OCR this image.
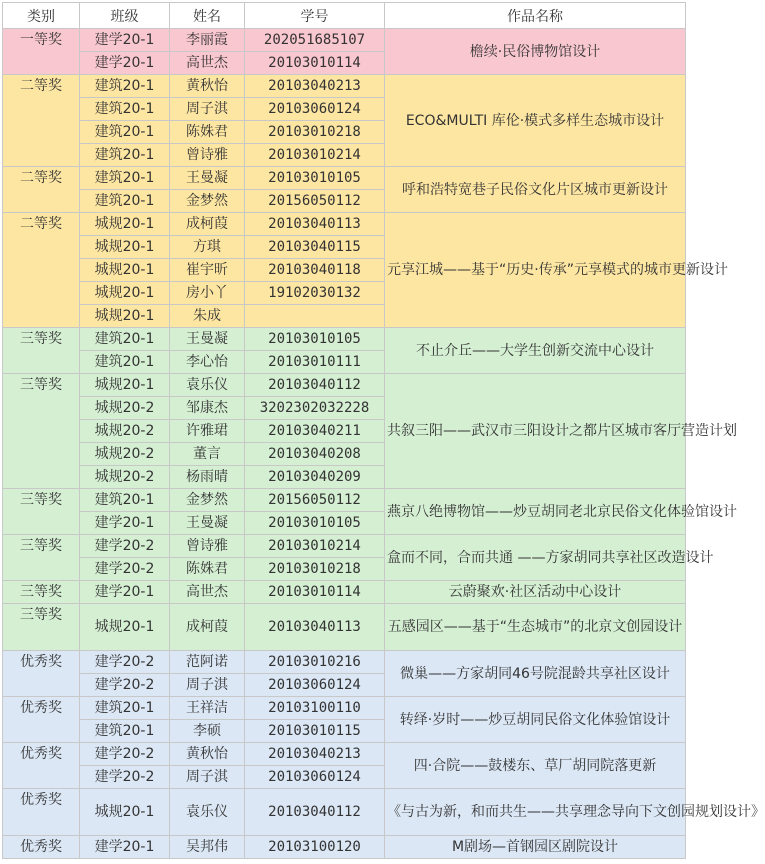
类别	班级	姓名	学号	作品名称
一等奖	建学20-1	李丽霞	202051685107	檐续·民俗博物馆设计
	建学20-1	高世杰	20103010114	
二等奖	建筑20-1	黄秋怡	20103040213	ECO&MULTI 库伦·模式多样生态城市设计
	建筑20-1	周子淇	20103060124	
	建筑20-1	陈姝君	20103010218	
	建筑20-1	曾诗雅	20103010214	
二等奖	建筑20-1	王曼凝	20103010105	呼和浩特宽巷子民俗文化片区城市更新设计
	建筑20-1	金梦然	20156050112	
二等奖	城规20-1	成柯葭	20103040113	元享江城——基于“历史·传承”元享模式的城市更新设计
	城规20-1	方琪	20103040115	
	城规20-1	崔宇昕	20103040118	
	城规20-1	房小丫	19102030132	
	城规20-1	朱成		
三等奖	建筑20-1	王曼凝	20103010105	不止介丘——大学生创新交流中心设计
	建筑20-1	李心怡	20103010111	
三等奖	城规20-1	袁乐仪	20103040112	共叙三阳——武汉市三阳设计之都片区城市客厅营造计划
	城规20-2	邹康杰	3202302032228	
	城规20-2	许雅珺	20103040211	
	城规20-2	董言	20103040208	
	城规20-2	杨雨晴	20103040209	
三等奖	建筑20-1	金梦然	20156050112	燕京八绝博物馆——炒豆胡同老北京民俗文化体验馆设计
	建学20-1	王曼凝	20103010105	
三等奖	建学20-2	曾诗雅	20103010214	盒而不同，合而共通 ——方家胡同共享社区改造设计
	建学20-2	陈姝君	20103010218	
三等奖	建学20-1	高世杰	20103010114	云蔚聚欢·社区活动中心设计
三等奖	城规20-1	成柯葭	20103040113	五感园区——基于“生态城市”的北京文创园设计
优秀奖	建学20-2	范阿诺	20103010216	微巢——方家胡同46号院混龄共享社区设计
	建学20-2	周子淇	20103060124	
优秀奖	建筑20-1	王祥洁	20103100110	转绎·岁时——炒豆胡同民俗文化体验馆设计
	建筑20-1	李硕	20103010115	
优秀奖	建学20-2	黄秋怡	20103040213	四·合院——鼓楼东、草厂胡同院落更新
	建学20-2	周子淇	20103060124	
优秀奖	城规20-1	袁乐仪	20103040112	《与古为新，和而共生——共享理念导向下文创园规划设计》
优秀奖	建学20-1	吴邦伟	20103100120	M剧场—首钢园区剧院设计
